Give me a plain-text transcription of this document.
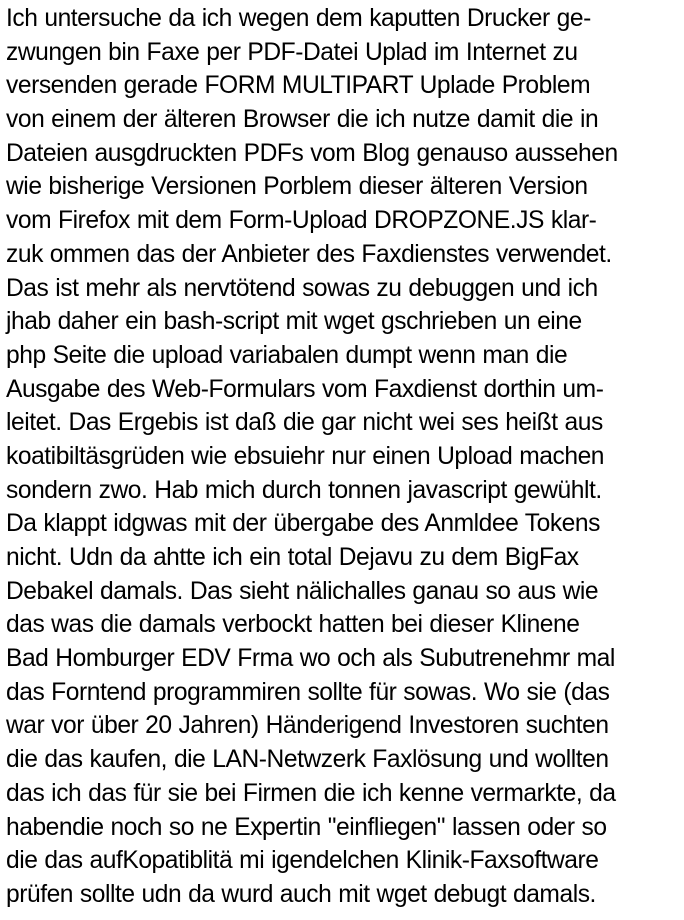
Ich untersuche da ich wegen dem kaputten Drucker ge-
zwungen bin Faxe per PDF-Datei Uplad im Internet zu
versenden gerade FORM MULTIPART Uplade Problem
von einem der älteren Browser die ich nutze damit die in
Dateien ausgdruckten PDFs vom Blog genauso aussehen
wie bisherige Versionen Porblem dieser älteren Version
vom Firefox mit dem Form-Upload DROPZONE.JS klar-
zuk ommen das der Anbieter des Faxdienstes verwendet.
Das ist mehr als nervtötend sowas zu debuggen und ich
jhab daher ein bash-script mit wget gschrieben un eine
php Seite die upload variabalen dumpt wenn man die
Ausgabe des Web-Formulars vom Faxdienst dorthin um-
leitet. Das Ergebis ist daß die gar nicht wei ses heißt aus
koatibiltäsgrüden wie ebsuiehr nur einen Upload machen
sondern zwo. Hab mich durch tonnen javascript gewühlt.
Da klappt idgwas mit der übergabe des Anmldee Tokens
nicht. Udn da ahtte ich ein total Dejavu zu dem BigFax
Debakel damals. Das sieht nälichalles ganau so aus wie
das was die damals verbockt hatten bei dieser Klinene
Bad Homburger EDV Frma wo och als Subutrenehmr mal
das Forntend programmiren sollte für sowas. Wo sie (das
war vor über 20 Jahren) Händerigend Investoren suchten
die das kaufen, die LAN-Netwzerk Faxlösung und wollten
das ich das für sie bei Firmen die ich kenne vermarkte, da
habendie noch so ne Expertin "einfliegen" lassen oder so
die das aufKopatiblitä mi igendelchen Klinik-Faxsoftware
prüfen sollte udn da wurd auch mit wget debugt damals.
